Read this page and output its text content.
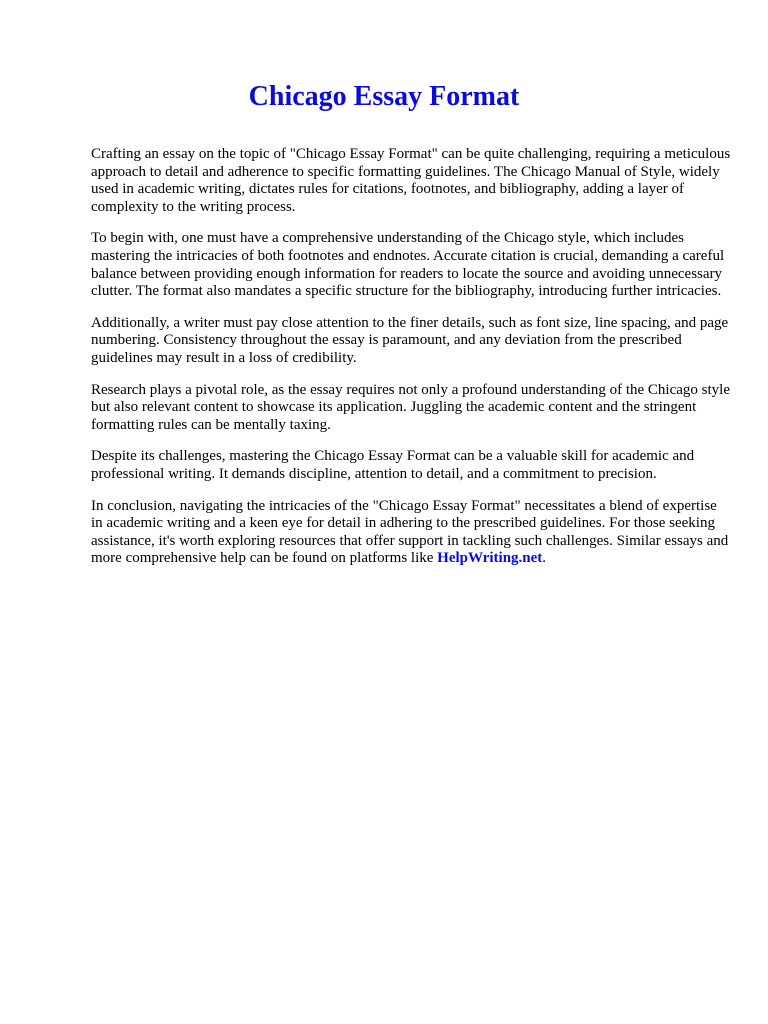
Chicago Essay Format

Crafting an essay on the topic of "Chicago Essay Format" can be quite challenging, requiring a meticulous approach to detail and adherence to specific formatting guidelines. The Chicago Manual of Style, widely used in academic writing, dictates rules for citations, footnotes, and bibliography, adding a layer of complexity to the writing process.

To begin with, one must have a comprehensive understanding of the Chicago style, which includes mastering the intricacies of both footnotes and endnotes. Accurate citation is crucial, demanding a careful balance between providing enough information for readers to locate the source and avoiding unnecessary clutter. The format also mandates a specific structure for the bibliography, introducing further intricacies.

Additionally, a writer must pay close attention to the finer details, such as font size, line spacing, and page numbering. Consistency throughout the essay is paramount, and any deviation from the prescribed guidelines may result in a loss of credibility.

Research plays a pivotal role, as the essay requires not only a profound understanding of the Chicago style but also relevant content to showcase its application. Juggling the academic content and the stringent formatting rules can be mentally taxing.

Despite its challenges, mastering the Chicago Essay Format can be a valuable skill for academic and professional writing. It demands discipline, attention to detail, and a commitment to precision.

In conclusion, navigating the intricacies of the "Chicago Essay Format" necessitates a blend of expertise in academic writing and a keen eye for detail in adhering to the prescribed guidelines. For those seeking assistance, it's worth exploring resources that offer support in tackling such challenges. Similar essays and more comprehensive help can be found on platforms like HelpWriting.net.
